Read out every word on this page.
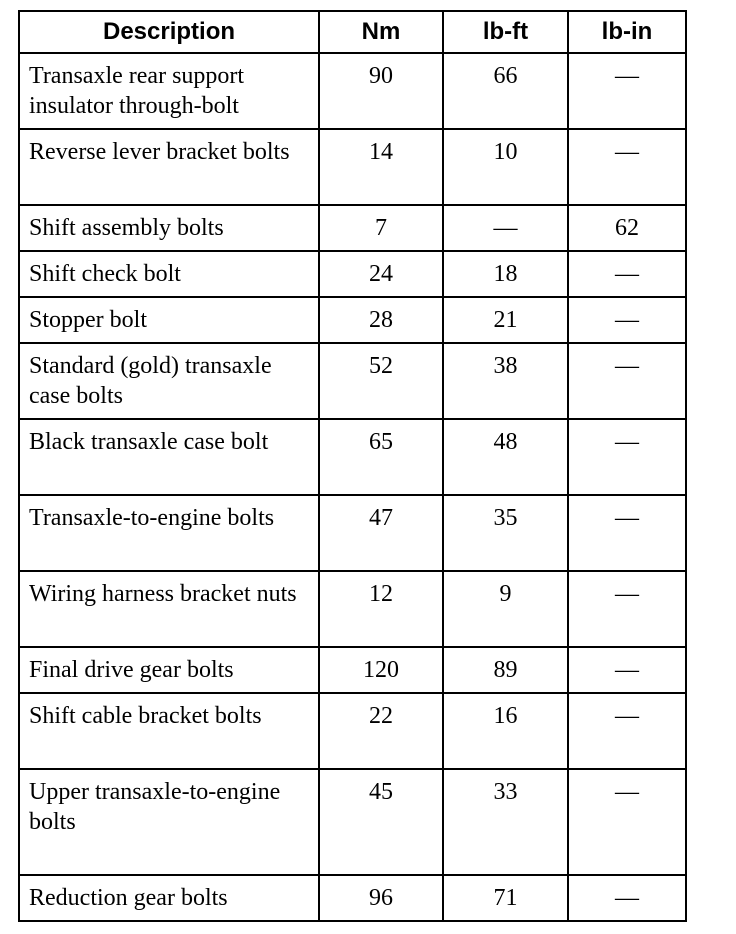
Description	Nm	lb-ft	lb-in
Transaxle rear support insulator through-bolt	90	66	—
Reverse lever bracket bolts	14	10	—
Shift assembly bolts	7	—	62
Shift check bolt	24	18	—
Stopper bolt	28	21	—
Standard (gold) transaxle case bolts	52	38	—
Black transaxle case bolt	65	48	—
Transaxle-to-engine bolts	47	35	—
Wiring harness bracket nuts	12	9	—
Final drive gear bolts	120	89	—
Shift cable bracket bolts	22	16	—
Upper transaxle-to-engine bolts	45	33	—
Reduction gear bolts	96	71	—
